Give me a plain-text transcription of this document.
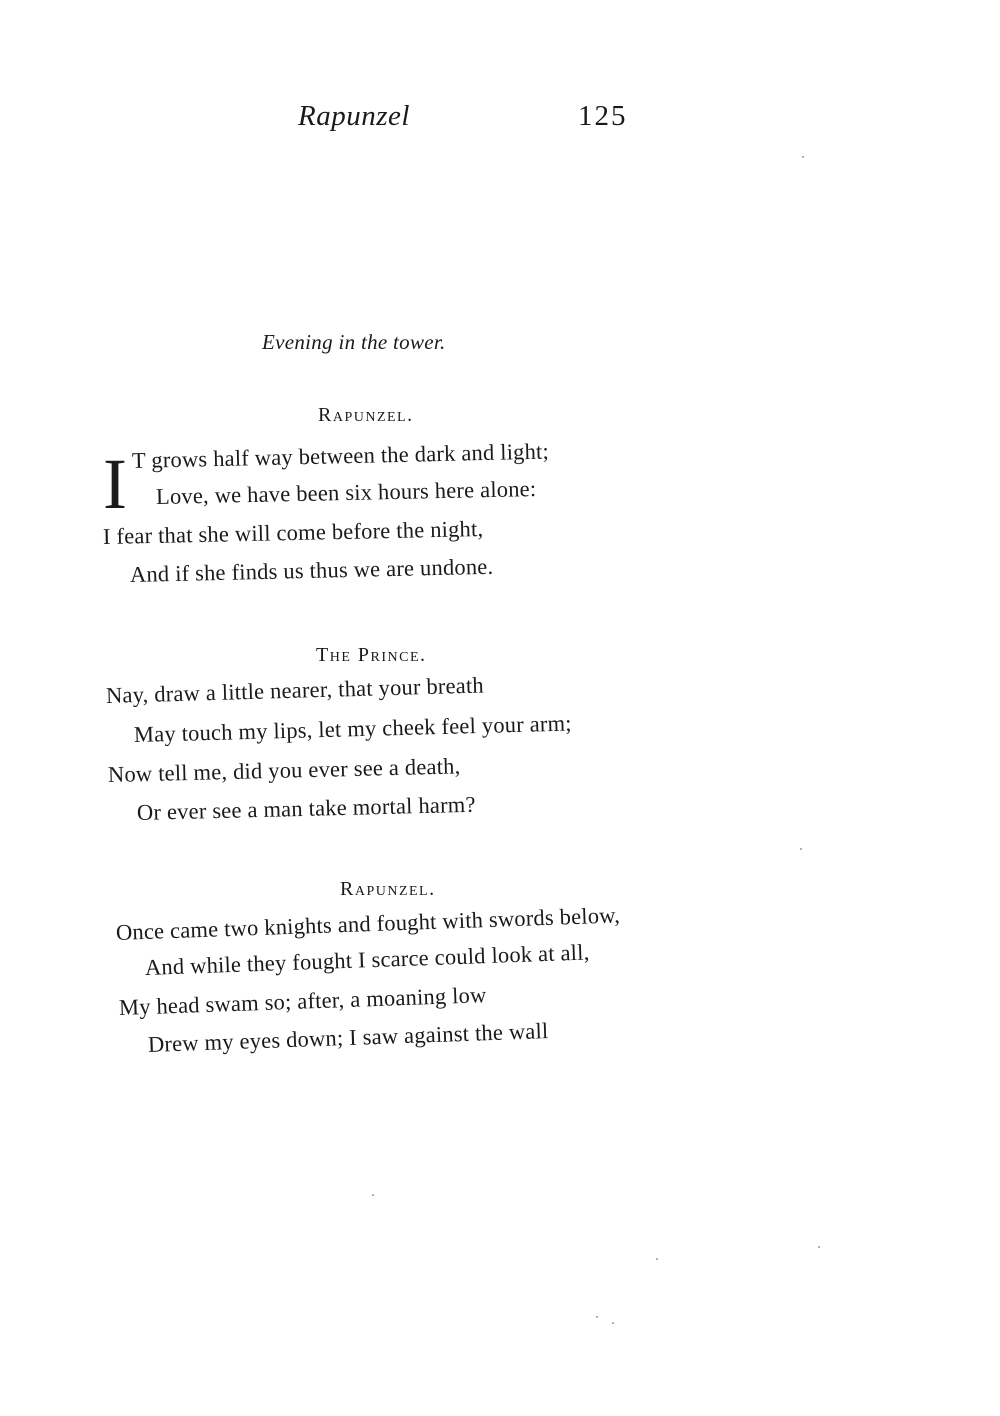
Rapunzel	125
Evening in the tower.
Rapunzel.
I T grows half way between the dark and light;
Love, we have been six hours here alone:
I fear that she will come before the night,
And if she finds us thus we are undone.
The Prince.
Nay, draw a little nearer, that your breath
May touch my lips, let my cheek feel your arm;
Now tell me, did you ever see a death,
Or ever see a man take mortal harm?
Rapunzel.
Once came two knights and fought with swords below,
And while they fought I scarce could look at all,
My head swam so; after, a moaning low
Drew my eyes down; I saw against the wall
